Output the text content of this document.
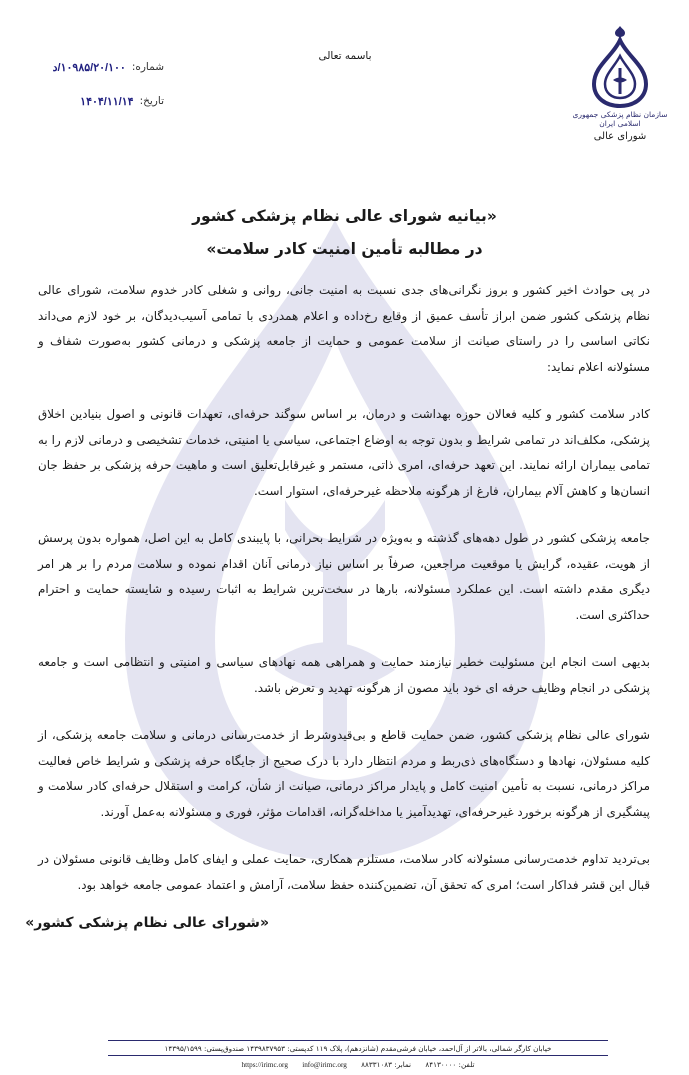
سازمان نظام پزشکی جمهوری اسلامی ایران
شورای عالی
باسمه تعالی
شماره:
۱۰۹۸۵/۲۰/۱۰۰/د
تاریخ:
۱۴۰۴/۱۱/۱۴
«بیانیه شورای عالی نظام پزشکی کشور
در مطالبه تأمین امنیت کادر سلامت»

در پی حوادث اخیر کشور و بروز نگرانی‌های جدی نسبت به امنیت جانی، روانی و شغلی کادر خدوم سلامت، شورای عالی نظام پزشکی کشور ضمن ابراز تأسف عمیق از وقایع رخ‌داده و اعلام همدردی با تمامی آسیب‌دیدگان، بر خود لازم می‌داند نکاتی اساسی را در راستای صیانت از سلامت عمومی و حمایت از جامعه پزشکی و درمانی کشور به‌صورت شفاف و مسئولانه اعلام نماید:

کادر سلامت کشور و کلیه فعالان حوزه بهداشت و درمان، بر اساس سوگند حرفه‌ای، تعهدات قانونی و اصول بنیادین اخلاق پزشکی، مکلف‌اند در تمامی شرایط و بدون توجه به اوضاع اجتماعی، سیاسی یا امنیتی، خدمات تشخیصی و درمانی لازم را به تمامی بیماران ارائه نمایند. این تعهد حرفه‌ای، امری ذاتی، مستمر و غیرقابل‌تعلیق است و ماهیت حرفه پزشکی بر حفظ جان انسان‌ها و کاهش آلام بیماران، فارغ از هرگونه ملاحظه غیرحرفه‌ای، استوار است.

جامعه پزشکی کشور در طول دهه‌های گذشته و به‌ویژه در شرایط بحرانی، با پایبندی کامل به این اصل، همواره بدون پرسش از هویت، عقیده، گرایش یا موقعیت مراجعین، صرفاً بر اساس نیاز درمانی آنان اقدام نموده و سلامت مردم را بر هر امر دیگری مقدم داشته است. این عملکرد مسئولانه، بارها در سخت‌ترین شرایط به اثبات رسیده و شایسته حمایت و احترام حداکثری است.

بدیهی است انجام این مسئولیت خطیر نیازمند حمایت و همراهی همه نهادهای سیاسی و امنیتی و انتظامی است و جامعه پزشکی در انجام وظایف حرفه ای خود باید مصون از هرگونه تهدید و تعرض باشد.

شورای عالی نظام پزشکی کشور، ضمن حمایت قاطع و بی‌قیدوشرط از خدمت‌رسانی درمانی و سلامت جامعه پزشکی، از کلیه مسئولان، نهادها و دستگاه‌های ذی‌ربط و مردم انتظار دارد با درک صحیح از جایگاه حرفه پزشکی و شرایط خاص فعالیت مراکز درمانی، نسبت به تأمین امنیت کامل و پایدار مراکز درمانی، صیانت از شأن، کرامت و استقلال حرفه‌ای کادر سلامت و پیشگیری از هرگونه برخورد غیرحرفه‌ای، تهدیدآمیز یا مداخله‌گرانه، اقدامات مؤثر، فوری و مسئولانه به‌عمل آورند.

بی‌تردید تداوم خدمت‌رسانی مسئولانه کادر سلامت، مستلزم همکاری، حمایت عملی و ایفای کامل وظایف قانونی مسئولان در قبال این قشر فداکار است؛ امری که تحقق آن، تضمین‌کننده حفظ سلامت، آرامش و اعتماد عمومی جامعه خواهد بود.

«شورای عالی نظام پزشکی کشور»
خیابان کارگر شمالی، بالاتر از آل‌احمد، خیابان فرشی‌مقدم (شانزدهم)، پلاک ۱۱۹ کدپستی: ۱۴۳۹۸۳۷۹۵۳ صندوق‌پستی: ۱۴۳۹۵/۱۵۹۹
تلفن: ۸۴۱۳۰۰۰۰ نمابر: ۸۸۳۳۱۰۸۳ https://irimc.org info@irimc.org
